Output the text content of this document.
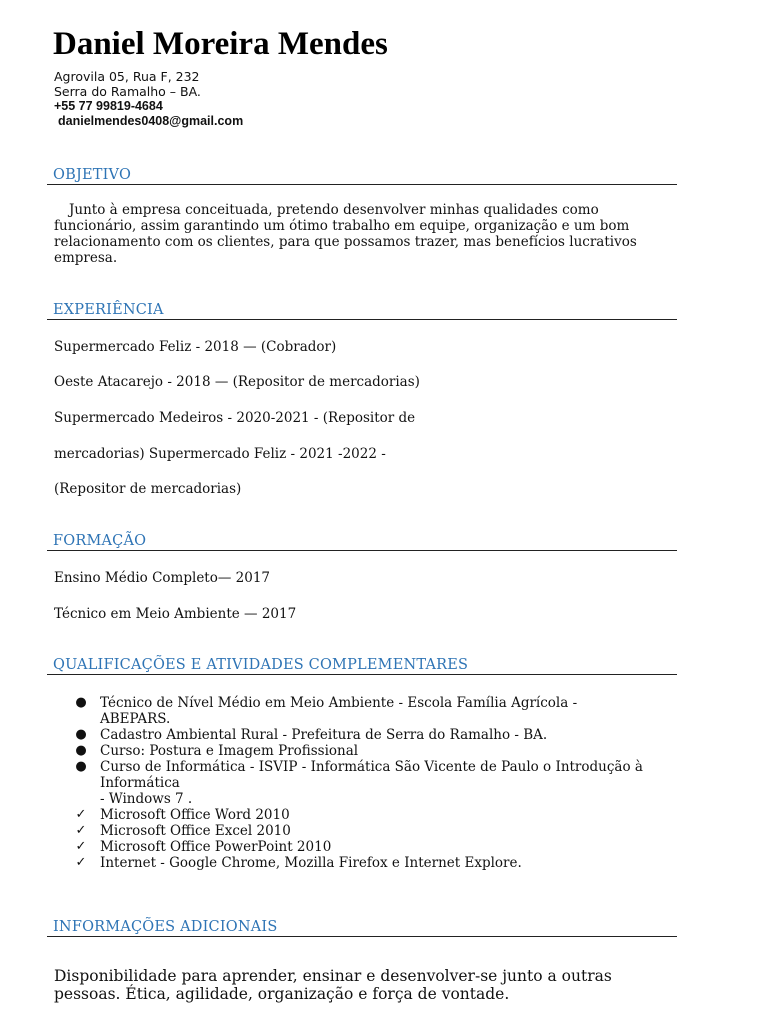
Daniel Moreira Mendes
Agrovila 05, Rua F, 232
Serra do Ramalho – BA.
+55 77 99819-4684
danielmendes0408@gmail.com
OBJETIVO

Junto à empresa conceituada, pretendo desenvolver minhas qualidades como funcionário, assim garantindo um ótimo trabalho em equipe, organização e um bom relacionamento com os clientes, para que possamos trazer, mas benefícios lucrativos empresa.

EXPERIÊNCIA
Supermercado Feliz - 2018 — (Cobrador)
Oeste Atacarejo - 2018 — (Repositor de mercadorias)
Supermercado Medeiros - 2020-2021 - (Repositor de
mercadorias) Supermercado Feliz - 2021 -2022 -
(Repositor de mercadorias)
FORMAÇÃO
Ensino Médio Completo— 2017
Técnico em Meio Ambiente — 2017
QUALIFICAÇÕES E ATIVIDADES COMPLEMENTARES
● Técnico de Nível Médio em Meio Ambiente - Escola Família Agrícola -
ABEPARS.
● Cadastro Ambiental Rural - Prefeitura de Serra do Ramalho - BA.
● Curso: Postura e Imagem Profissional
● Curso de Informática - ISVIP - Informática São Vicente de Paulo o Introdução à
Informática
- Windows 7 .
✓ Microsoft Office Word 2010
✓ Microsoft Office Excel 2010
✓ Microsoft Office PowerPoint 2010
✓ Internet - Google Chrome, Mozilla Firefox e Internet Explore.
INFORMAÇÕES ADICIONAIS

Disponibilidade para aprender, ensinar e desenvolver-se junto a outras pessoas. Ética, agilidade, organização e força de vontade.
